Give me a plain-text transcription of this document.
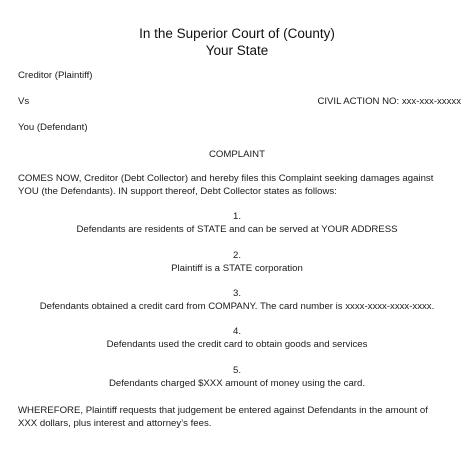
In the Superior Court of (County)
Your State
Creditor (Plaintiff)
Vs	CIVIL ACTION NO: xxx-xxx-xxxxx
You (Defendant)
COMPLAINT
COMES NOW, Creditor (Debt Collector) and hereby files this Complaint seeking damages against
YOU (the Defendants). IN support thereof, Debt Collector states as follows:
1.
Defendants are residents of STATE and can be served at YOUR ADDRESS
2.
Plaintiff is a STATE corporation
3.
Defendants obtained a credit card from COMPANY. The card number is xxxx-xxxx-xxxx-xxxx.
4.
Defendants used the credit card to obtain goods and services
5.
Defendants charged $XXX amount of money using the card.
WHEREFORE, Plaintiff requests that judgement be entered against Defendants in the amount of
XXX dollars, plus interest and attorney’s fees.
